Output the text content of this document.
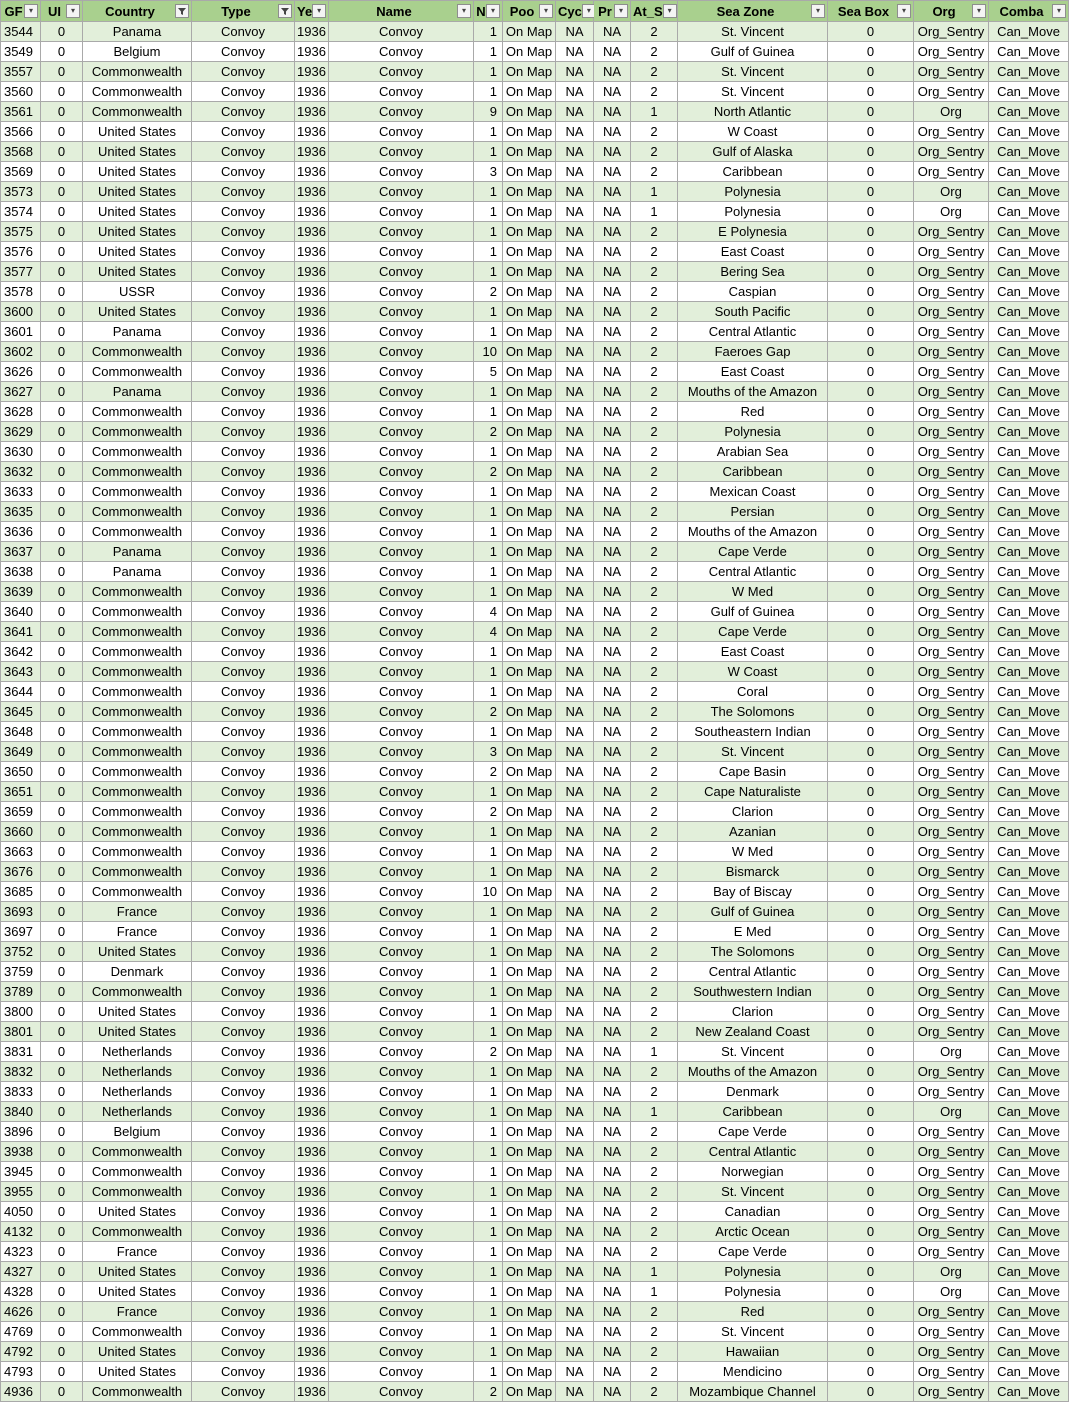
GF ▾	UI ▾	Country	Type	Ye ▾	Name ▾	N ▾	Poo ▾	Cyc ▾	Pr ▾	At_S ▾	Sea Zone ▾	Sea Box ▾	Org ▾	Comba ▾

3544	0	Panama	Convoy	1936	Convoy	1	On Map	NA	NA	2	St. Vincent	0	Org_Sentry	Can_Move
3549	0	Belgium	Convoy	1936	Convoy	1	On Map	NA	NA	2	Gulf of Guinea	0	Org_Sentry	Can_Move
3557	0	Commonwealth	Convoy	1936	Convoy	1	On Map	NA	NA	2	St. Vincent	0	Org_Sentry	Can_Move
3560	0	Commonwealth	Convoy	1936	Convoy	1	On Map	NA	NA	2	St. Vincent	0	Org_Sentry	Can_Move
3561	0	Commonwealth	Convoy	1936	Convoy	9	On Map	NA	NA	1	North Atlantic	0	Org	Can_Move
3566	0	United States	Convoy	1936	Convoy	1	On Map	NA	NA	2	W Coast	0	Org_Sentry	Can_Move
3568	0	United States	Convoy	1936	Convoy	1	On Map	NA	NA	2	Gulf of Alaska	0	Org_Sentry	Can_Move
3569	0	United States	Convoy	1936	Convoy	3	On Map	NA	NA	2	Caribbean	0	Org_Sentry	Can_Move
3573	0	United States	Convoy	1936	Convoy	1	On Map	NA	NA	1	Polynesia	0	Org	Can_Move
3574	0	United States	Convoy	1936	Convoy	1	On Map	NA	NA	1	Polynesia	0	Org	Can_Move
3575	0	United States	Convoy	1936	Convoy	1	On Map	NA	NA	2	E Polynesia	0	Org_Sentry	Can_Move
3576	0	United States	Convoy	1936	Convoy	1	On Map	NA	NA	2	East Coast	0	Org_Sentry	Can_Move
3577	0	United States	Convoy	1936	Convoy	1	On Map	NA	NA	2	Bering Sea	0	Org_Sentry	Can_Move
3578	0	USSR	Convoy	1936	Convoy	2	On Map	NA	NA	2	Caspian	0	Org_Sentry	Can_Move
3600	0	United States	Convoy	1936	Convoy	1	On Map	NA	NA	2	South Pacific	0	Org_Sentry	Can_Move
3601	0	Panama	Convoy	1936	Convoy	1	On Map	NA	NA	2	Central Atlantic	0	Org_Sentry	Can_Move
3602	0	Commonwealth	Convoy	1936	Convoy	10	On Map	NA	NA	2	Faeroes Gap	0	Org_Sentry	Can_Move
3626	0	Commonwealth	Convoy	1936	Convoy	5	On Map	NA	NA	2	East Coast	0	Org_Sentry	Can_Move
3627	0	Panama	Convoy	1936	Convoy	1	On Map	NA	NA	2	Mouths of the Amazon	0	Org_Sentry	Can_Move
3628	0	Commonwealth	Convoy	1936	Convoy	1	On Map	NA	NA	2	Red	0	Org_Sentry	Can_Move
3629	0	Commonwealth	Convoy	1936	Convoy	2	On Map	NA	NA	2	Polynesia	0	Org_Sentry	Can_Move
3630	0	Commonwealth	Convoy	1936	Convoy	1	On Map	NA	NA	2	Arabian Sea	0	Org_Sentry	Can_Move
3632	0	Commonwealth	Convoy	1936	Convoy	2	On Map	NA	NA	2	Caribbean	0	Org_Sentry	Can_Move
3633	0	Commonwealth	Convoy	1936	Convoy	1	On Map	NA	NA	2	Mexican Coast	0	Org_Sentry	Can_Move
3635	0	Commonwealth	Convoy	1936	Convoy	1	On Map	NA	NA	2	Persian	0	Org_Sentry	Can_Move
3636	0	Commonwealth	Convoy	1936	Convoy	1	On Map	NA	NA	2	Mouths of the Amazon	0	Org_Sentry	Can_Move
3637	0	Panama	Convoy	1936	Convoy	1	On Map	NA	NA	2	Cape Verde	0	Org_Sentry	Can_Move
3638	0	Panama	Convoy	1936	Convoy	1	On Map	NA	NA	2	Central Atlantic	0	Org_Sentry	Can_Move
3639	0	Commonwealth	Convoy	1936	Convoy	1	On Map	NA	NA	2	W Med	0	Org_Sentry	Can_Move
3640	0	Commonwealth	Convoy	1936	Convoy	4	On Map	NA	NA	2	Gulf of Guinea	0	Org_Sentry	Can_Move
3641	0	Commonwealth	Convoy	1936	Convoy	4	On Map	NA	NA	2	Cape Verde	0	Org_Sentry	Can_Move
3642	0	Commonwealth	Convoy	1936	Convoy	1	On Map	NA	NA	2	East Coast	0	Org_Sentry	Can_Move
3643	0	Commonwealth	Convoy	1936	Convoy	1	On Map	NA	NA	2	W Coast	0	Org_Sentry	Can_Move
3644	0	Commonwealth	Convoy	1936	Convoy	1	On Map	NA	NA	2	Coral	0	Org_Sentry	Can_Move
3645	0	Commonwealth	Convoy	1936	Convoy	2	On Map	NA	NA	2	The Solomons	0	Org_Sentry	Can_Move
3648	0	Commonwealth	Convoy	1936	Convoy	1	On Map	NA	NA	2	Southeastern Indian	0	Org_Sentry	Can_Move
3649	0	Commonwealth	Convoy	1936	Convoy	3	On Map	NA	NA	2	St. Vincent	0	Org_Sentry	Can_Move
3650	0	Commonwealth	Convoy	1936	Convoy	2	On Map	NA	NA	2	Cape Basin	0	Org_Sentry	Can_Move
3651	0	Commonwealth	Convoy	1936	Convoy	1	On Map	NA	NA	2	Cape Naturaliste	0	Org_Sentry	Can_Move
3659	0	Commonwealth	Convoy	1936	Convoy	2	On Map	NA	NA	2	Clarion	0	Org_Sentry	Can_Move
3660	0	Commonwealth	Convoy	1936	Convoy	1	On Map	NA	NA	2	Azanian	0	Org_Sentry	Can_Move
3663	0	Commonwealth	Convoy	1936	Convoy	1	On Map	NA	NA	2	W Med	0	Org_Sentry	Can_Move
3676	0	Commonwealth	Convoy	1936	Convoy	1	On Map	NA	NA	2	Bismarck	0	Org_Sentry	Can_Move
3685	0	Commonwealth	Convoy	1936	Convoy	10	On Map	NA	NA	2	Bay of Biscay	0	Org_Sentry	Can_Move
3693	0	France	Convoy	1936	Convoy	1	On Map	NA	NA	2	Gulf of Guinea	0	Org_Sentry	Can_Move
3697	0	France	Convoy	1936	Convoy	1	On Map	NA	NA	2	E Med	0	Org_Sentry	Can_Move
3752	0	United States	Convoy	1936	Convoy	1	On Map	NA	NA	2	The Solomons	0	Org_Sentry	Can_Move
3759	0	Denmark	Convoy	1936	Convoy	1	On Map	NA	NA	2	Central Atlantic	0	Org_Sentry	Can_Move
3789	0	Commonwealth	Convoy	1936	Convoy	1	On Map	NA	NA	2	Southwestern Indian	0	Org_Sentry	Can_Move
3800	0	United States	Convoy	1936	Convoy	1	On Map	NA	NA	2	Clarion	0	Org_Sentry	Can_Move
3801	0	United States	Convoy	1936	Convoy	1	On Map	NA	NA	2	New Zealand Coast	0	Org_Sentry	Can_Move
3831	0	Netherlands	Convoy	1936	Convoy	2	On Map	NA	NA	1	St. Vincent	0	Org	Can_Move
3832	0	Netherlands	Convoy	1936	Convoy	1	On Map	NA	NA	2	Mouths of the Amazon	0	Org_Sentry	Can_Move
3833	0	Netherlands	Convoy	1936	Convoy	1	On Map	NA	NA	2	Denmark	0	Org_Sentry	Can_Move
3840	0	Netherlands	Convoy	1936	Convoy	1	On Map	NA	NA	1	Caribbean	0	Org	Can_Move
3896	0	Belgium	Convoy	1936	Convoy	1	On Map	NA	NA	2	Cape Verde	0	Org_Sentry	Can_Move
3938	0	Commonwealth	Convoy	1936	Convoy	1	On Map	NA	NA	2	Central Atlantic	0	Org_Sentry	Can_Move
3945	0	Commonwealth	Convoy	1936	Convoy	1	On Map	NA	NA	2	Norwegian	0	Org_Sentry	Can_Move
3955	0	Commonwealth	Convoy	1936	Convoy	1	On Map	NA	NA	2	St. Vincent	0	Org_Sentry	Can_Move
4050	0	United States	Convoy	1936	Convoy	1	On Map	NA	NA	2	Canadian	0	Org_Sentry	Can_Move
4132	0	Commonwealth	Convoy	1936	Convoy	1	On Map	NA	NA	2	Arctic Ocean	0	Org_Sentry	Can_Move
4323	0	France	Convoy	1936	Convoy	1	On Map	NA	NA	2	Cape Verde	0	Org_Sentry	Can_Move
4327	0	United States	Convoy	1936	Convoy	1	On Map	NA	NA	1	Polynesia	0	Org	Can_Move
4328	0	United States	Convoy	1936	Convoy	1	On Map	NA	NA	1	Polynesia	0	Org	Can_Move
4626	0	France	Convoy	1936	Convoy	1	On Map	NA	NA	2	Red	0	Org_Sentry	Can_Move
4769	0	Commonwealth	Convoy	1936	Convoy	1	On Map	NA	NA	2	St. Vincent	0	Org_Sentry	Can_Move
4792	0	United States	Convoy	1936	Convoy	1	On Map	NA	NA	2	Hawaiian	0	Org_Sentry	Can_Move
4793	0	United States	Convoy	1936	Convoy	1	On Map	NA	NA	2	Mendicino	0	Org_Sentry	Can_Move
4936	0	Commonwealth	Convoy	1936	Convoy	2	On Map	NA	NA	2	Mozambique Channel	0	Org_Sentry	Can_Move
